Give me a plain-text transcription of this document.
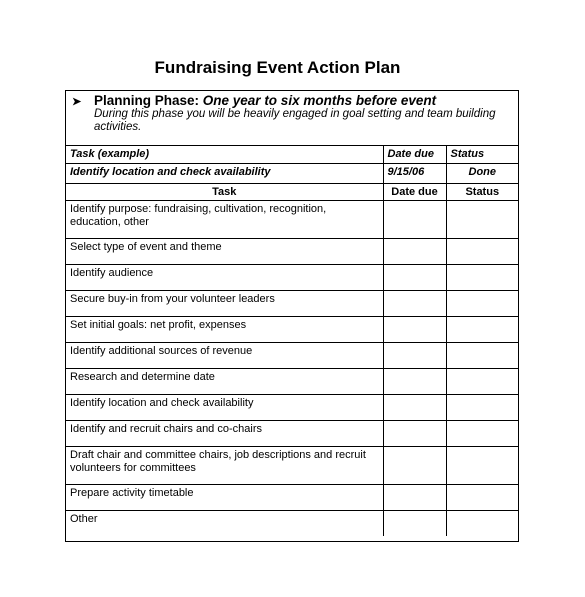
Fundraising Event Action Plan
➤ Planning Phase: One year to six months before event
During this phase you will be heavily engaged in goal setting and team building activities.
Task (example)	Date due	Status
Identify location and check availability	9/15/06	Done
Task	Date due	Status
Identify purpose: fundraising, cultivation, recognition, education, other		
Select type of event and theme		
Identify audience		
Secure buy-in from your volunteer leaders		
Set initial goals: net profit, expenses		
Identify additional sources of revenue		
Research and determine date		
Identify location and check availability		
Identify and recruit chairs and co-chairs		
Draft chair and committee chairs, job descriptions and recruit volunteers for committees		
Prepare activity timetable		
Other		
